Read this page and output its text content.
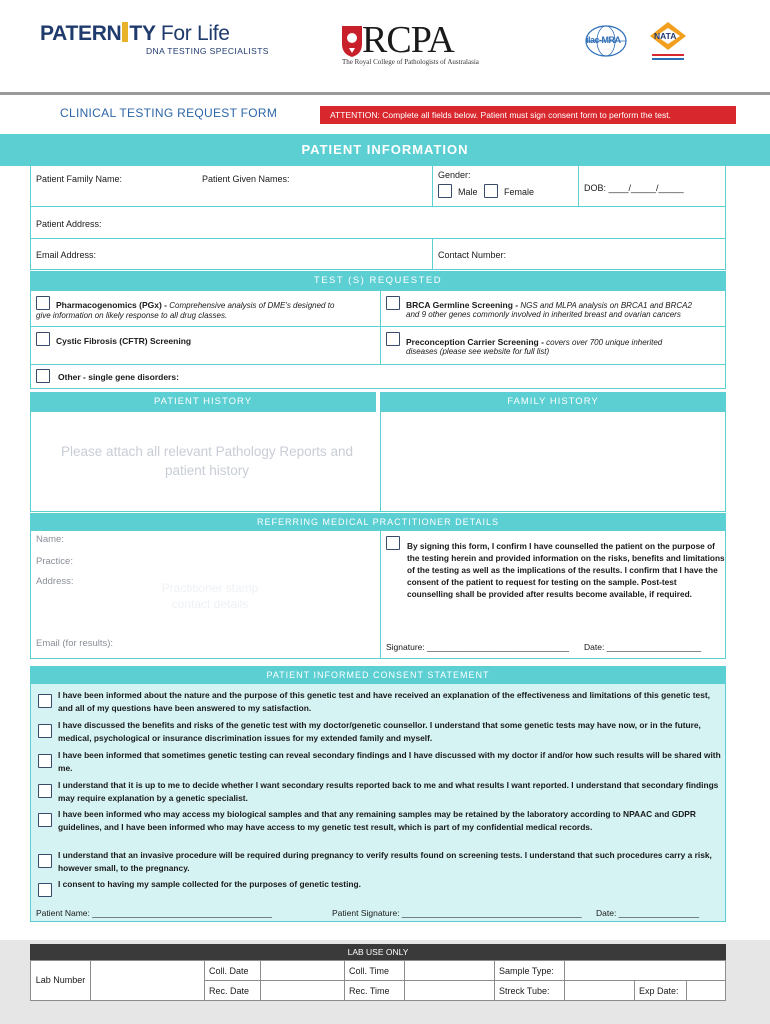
PATERN TY For Life
DNA TESTING SPECIALISTS RCPA
The Royal College of Pathologists of Australasia
ilac-MRA	NATA
CLINICAL TESTING REQUEST FORM	ATTENTION: Complete all fields below. Patient must sign consent form to perform the test.
PATIENT INFORMATION
Patient Family Name:	Patient Given Names:	Gender:
Male	Female	DOB: ____/_____/_____
Patient Address:
Email Address:	Contact Number:
TEST (S) REQUESTED
Pharmacogenomics (PGx) - Comprehensive analysis of DME's designed to
give information on likely response to all drug classes.
BRCA Germline Screening - NGS and MLPA analysis on BRCA1 and BRCA2
and 9 other genes commonly involved in inherited breast and ovarian cancers
Cystic Fibrosis (CFTR) Screening	Preconception Carrier Screening - covers over 700 unique inherited
diseases (please see website for full list)
Other - single gene disorders:
PATIENT HISTORY	FAMILY HISTORY
Please attach all relevant Pathology Reports and patient history
REFERRING MEDICAL PRACTITIONER DETAILS
Name:
Practice:
Address:	Practitioner stamp
contact details
Email (for results):
By signing this form, I confirm I have counselled the patient on the purpose of the testing herein and provided information on the risks, benefits and limitations of the testing as well as the implications of the results. I confirm that I have the consent of the patient to request for testing on the sample. Post-test counselling shall be provided after results become available, if required.
Signature: ______________________________ Date: ____________________
PATIENT INFORMED CONSENT STATEMENT
I have been informed about the nature and the purpose of this genetic test and have received an explanation of the effectiveness and limitations of this genetic test, and all of my questions have been answered to my satisfaction.
I have discussed the benefits and risks of the genetic test with my doctor/genetic counsellor. I understand that some genetic tests may have now, or in the future, medical, psychological or insurance discrimination issues for my extended family and myself.
I have been informed that sometimes genetic testing can reveal secondary findings and I have discussed with my doctor if and/or how such results will be shared with me.
I understand that it is up to me to decide whether I want secondary results reported back to me and what results I want reported. I understand that secondary findings may require explanation by a genetic specialist.
I have been informed who may access my biological samples and that any remaining samples may be retained by the laboratory according to NPAAC and GDPR guidelines, and I have been informed who may have access to my genetic test result, which is part of my confidential medical records.
I understand that an invasive procedure will be required during pregnancy to verify results found on screening tests. I understand that such procedures carry a risk, however small, to the pregnancy.
I consent to having my sample collected for the purposes of genetic testing.
Patient Name: ______________________________________	Patient Signature: ______________________________________ Date: _________________
LAB USE ONLY
Lab Number		Coll. Date		Coll. Time		Sample Type:			
		Rec. Date		Rec. Time		Streck Tube:		Exp Date:	
